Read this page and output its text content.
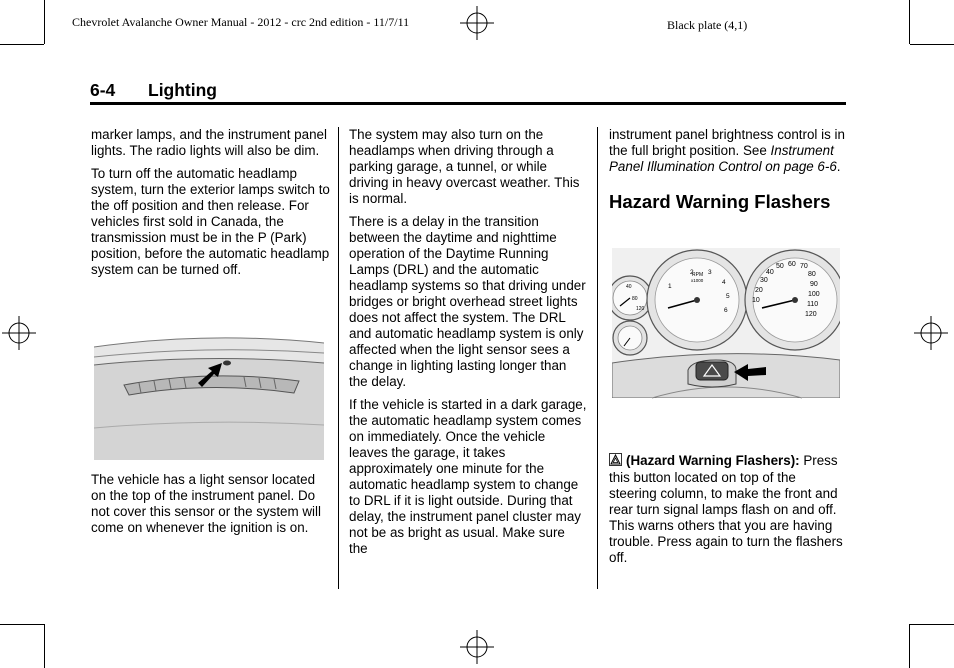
Chevrolet Avalanche Owner Manual - 2012 - crc 2nd edition - 11/7/11	Black plate (4,1)
6-4 Lighting

marker lamps, and the instrument panel lights. The radio lights will also be dim.

To turn off the automatic headlamp system, turn the exterior lamps switch to the off position and then release. For vehicles first sold in Canada, the transmission must be in the P (Park) position, before the automatic headlamp system can be turned off.

The vehicle has a light sensor located on the top of the instrument panel. Do not cover this sensor or the system will come on whenever the ignition is on.

The system may also turn on the headlamps when driving through a parking garage, a tunnel, or while driving in heavy overcast weather. This is normal.

There is a delay in the transition between the daytime and nighttime operation of the Daytime Running Lamps (DRL) and the automatic headlamp systems so that driving under bridges or bright overhead street lights does not affect the system. The DRL and automatic headlamp system is only affected when the light sensor sees a change in lighting lasting longer than the delay.

If the vehicle is started in a dark garage, the automatic headlamp system comes on immediately. Once the vehicle leaves the garage, it takes approximately one minute for the automatic headlamp system to change to DRL if it is light outside. During that delay, the instrument panel cluster may not be as bright as usual. Make sure the

instrument panel brightness control is in the full bright position. See Instrument Panel Illumination Control on page 6-6.

Hazard Warning Flashers
40
80
120
1
2 3
4
5
6
RPM
x1000
10
20
30
40
50 60 70
80
90
100
110
120

(Hazard Warning Flashers): Press this button located on top of the steering column, to make the front and rear turn signal lamps flash on and off. This warns others that you are having trouble. Press again to turn the flashers off.
